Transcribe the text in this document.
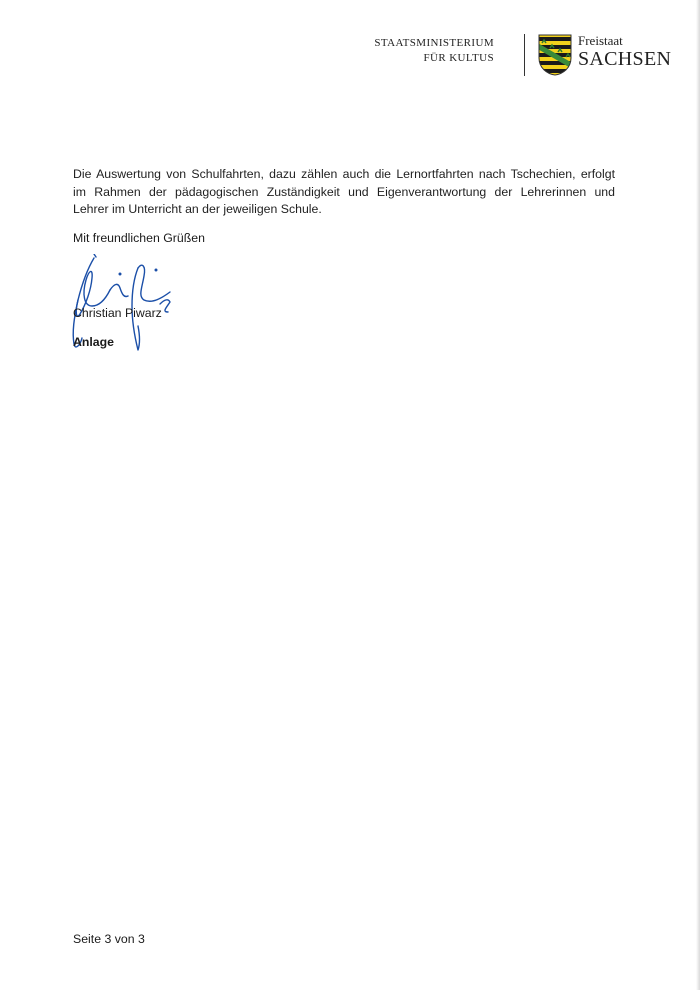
STAATSMINISTERIUM
FÜR KULTUS
Freistaat
SACHSEN
Die Auswertung von Schulfahrten, dazu zählen auch die Lernortfahrten nach Tschechien, erfolgt
im Rahmen der pädagogischen Zuständigkeit und Eigenverantwortung der Lehrerinnen und
Lehrer im Unterricht an der jeweiligen Schule.
Mit freundlichen Grüßen
Christian Piwarz
Anlage
Seite 3 von 3
